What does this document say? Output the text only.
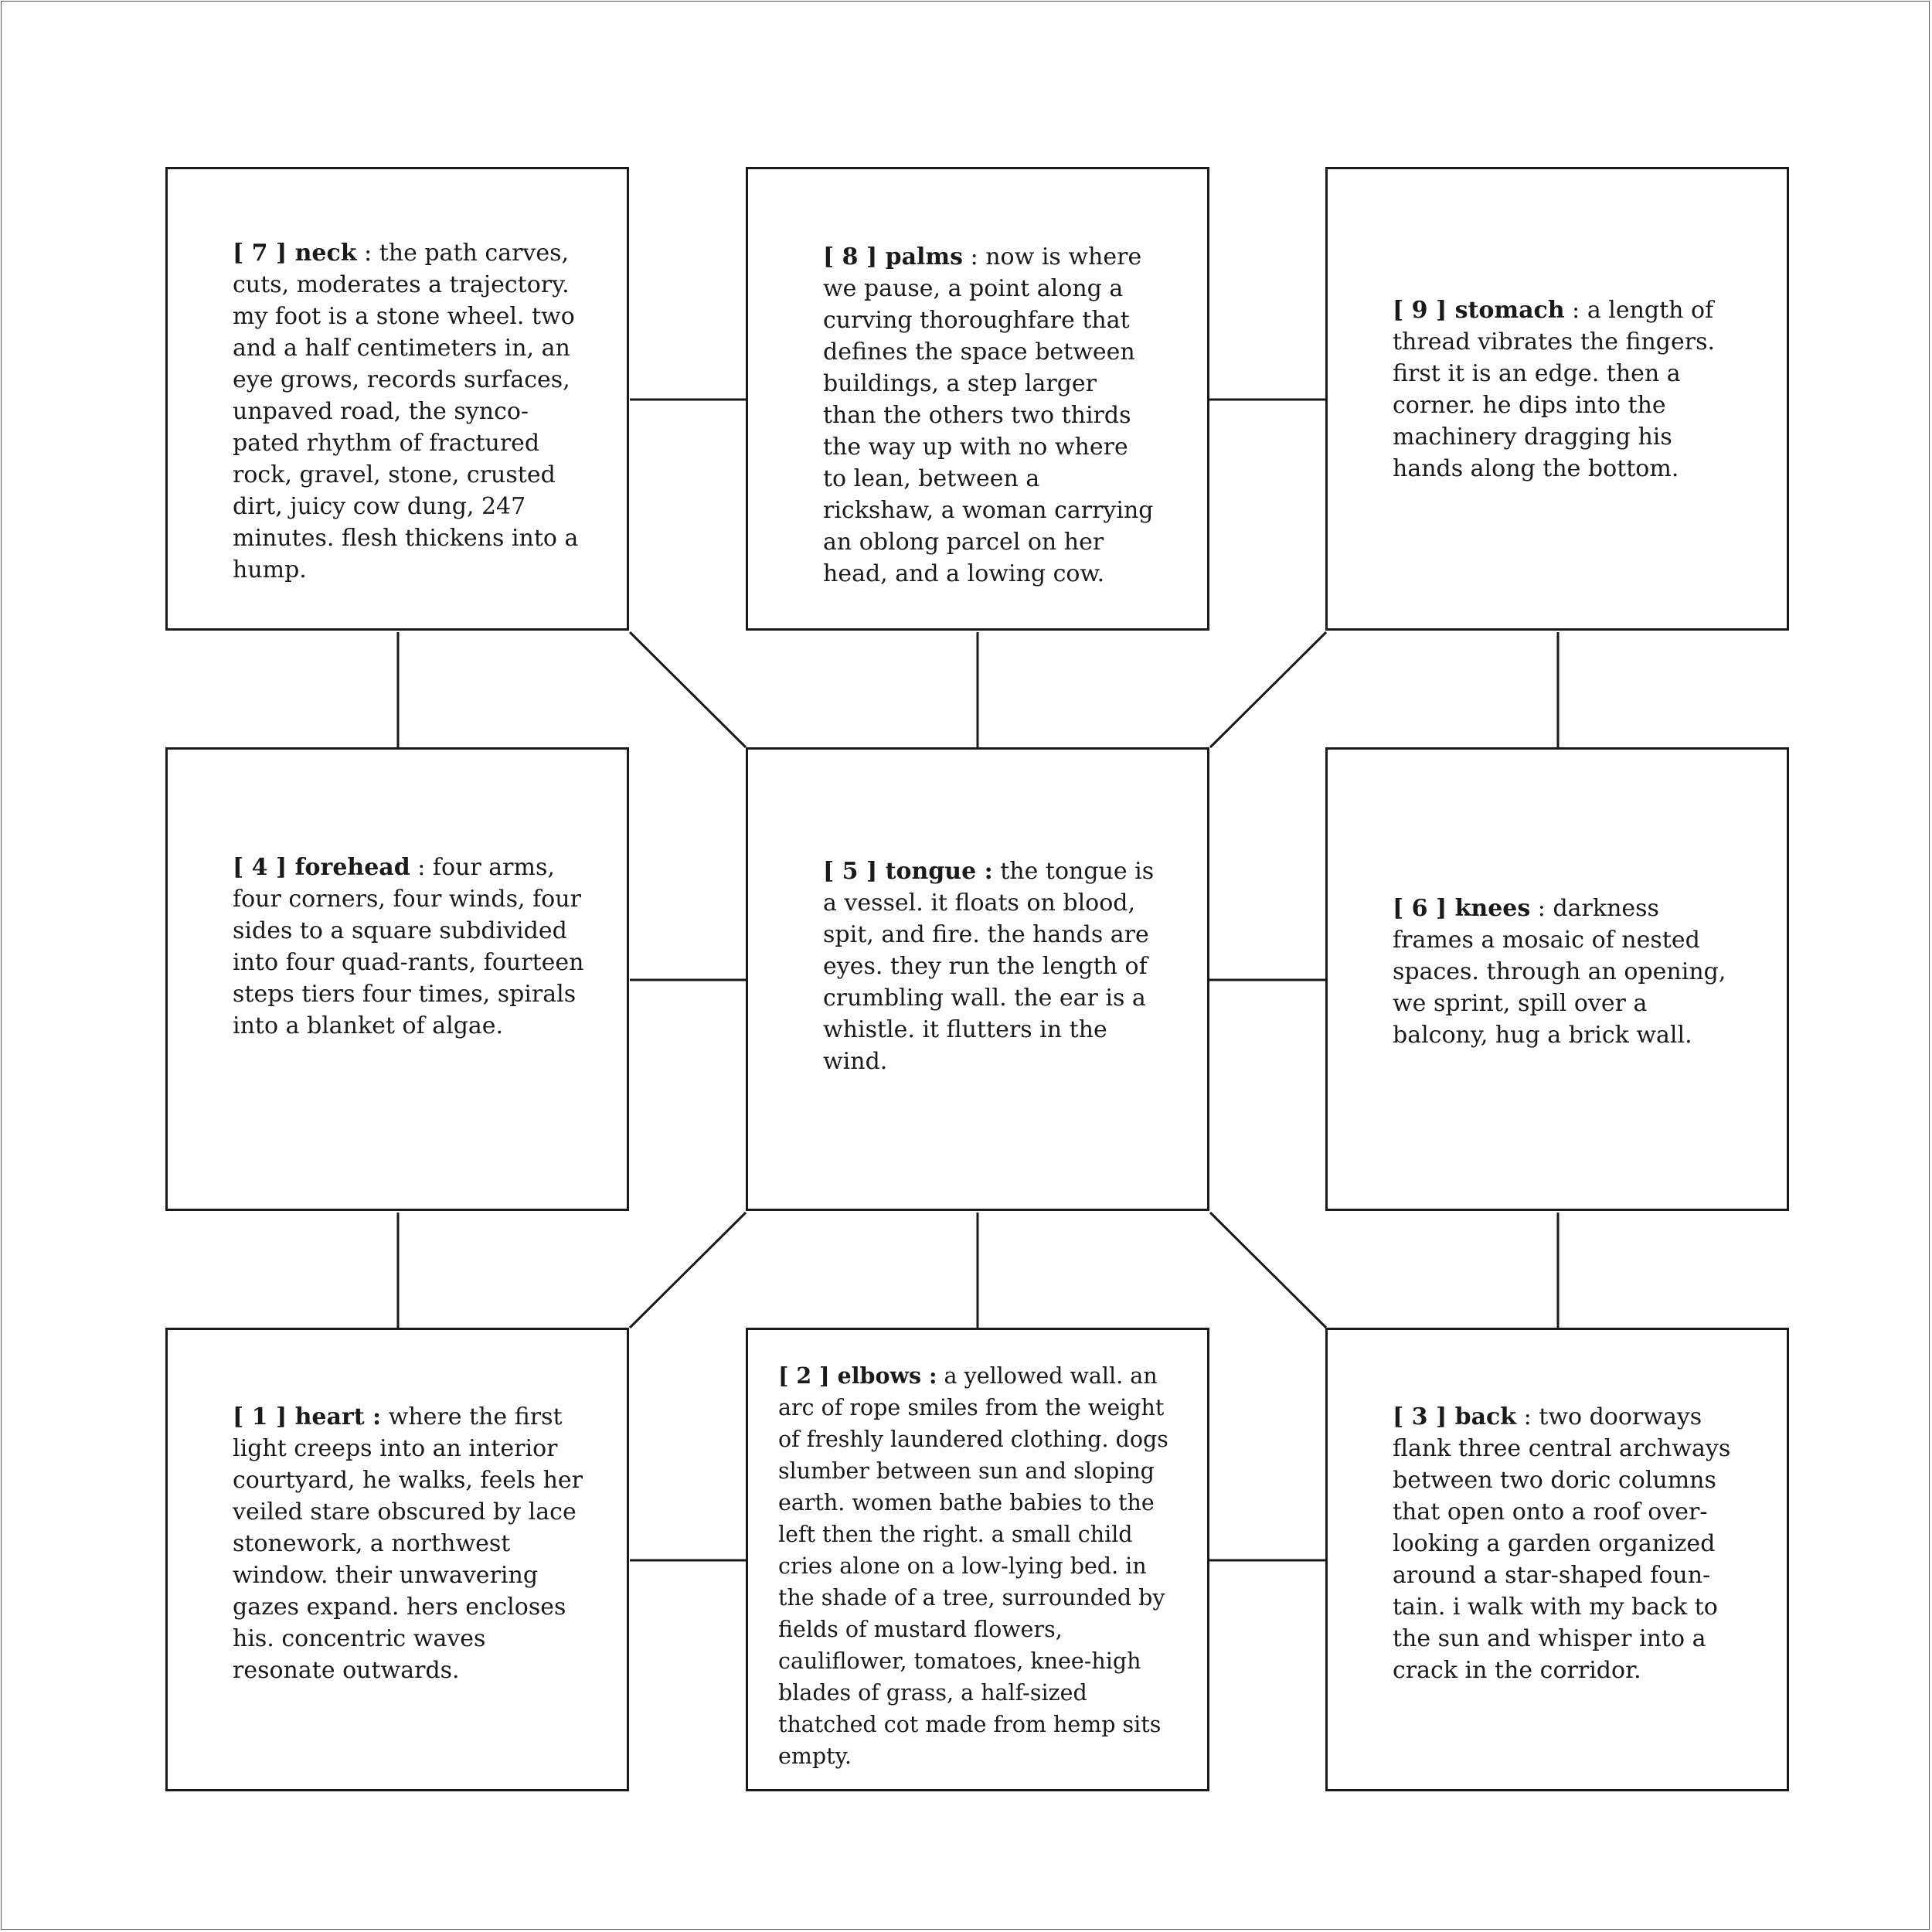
[ 7 ] neck : the path carves, cuts, moderates a trajectory. my foot is a stone wheel. two and a half centimeters in, an eye grows, records surfaces, unpaved road, the synco-pated rhythm of fractured rock, gravel, stone, crusted dirt, juicy cow dung, 247 minutes. flesh thickens into a hump.

[ 8 ] palms : now is where we pause, a point along a curving thoroughfare that defines the space between buildings, a step larger than the others two thirds the way up with no where to lean, between a rickshaw, a woman carrying an oblong parcel on her head, and a lowing cow.

[ 9 ] stomach : a length of thread vibrates the fingers. first it is an edge. then a corner. he dips into the machinery dragging his hands along the bottom.

[ 4 ] forehead : four arms, four corners, four winds, four sides to a square subdivided into four quad-rants, fourteen steps tiers four times, spirals into a blanket of algae.

[ 5 ] tongue : the tongue is a vessel. it floats on blood, spit, and fire. the hands are eyes. they run the length of crumbling wall. the ear is a whistle. it flutters in the wind.

[ 6 ] knees : darkness frames a mosaic of nested spaces. through an opening, we sprint, spill over a balcony, hug a brick wall.

[ 1 ] heart : where the first light creeps into an interior courtyard, he walks, feels her veiled stare obscured by lace stonework, a northwest window. their unwavering gazes expand. hers encloses his. concentric waves resonate outwards.

[ 2 ] elbows : a yellowed wall. an arc of rope smiles from the weight of freshly laundered clothing. dogs slumber between sun and sloping earth. women bathe babies to the left then the right. a small child cries alone on a low-lying bed. in the shade of a tree, surrounded by fields of mustard flowers, cauliflower, tomatoes, knee-high blades of grass, a half-sized thatched cot made from hemp sits empty.

[ 3 ] back : two doorways flank three central archways between two doric columns that open onto a roof over-looking a garden organized around a star-shaped foun-tain. i walk with my back to the sun and whisper into a crack in the corridor.
